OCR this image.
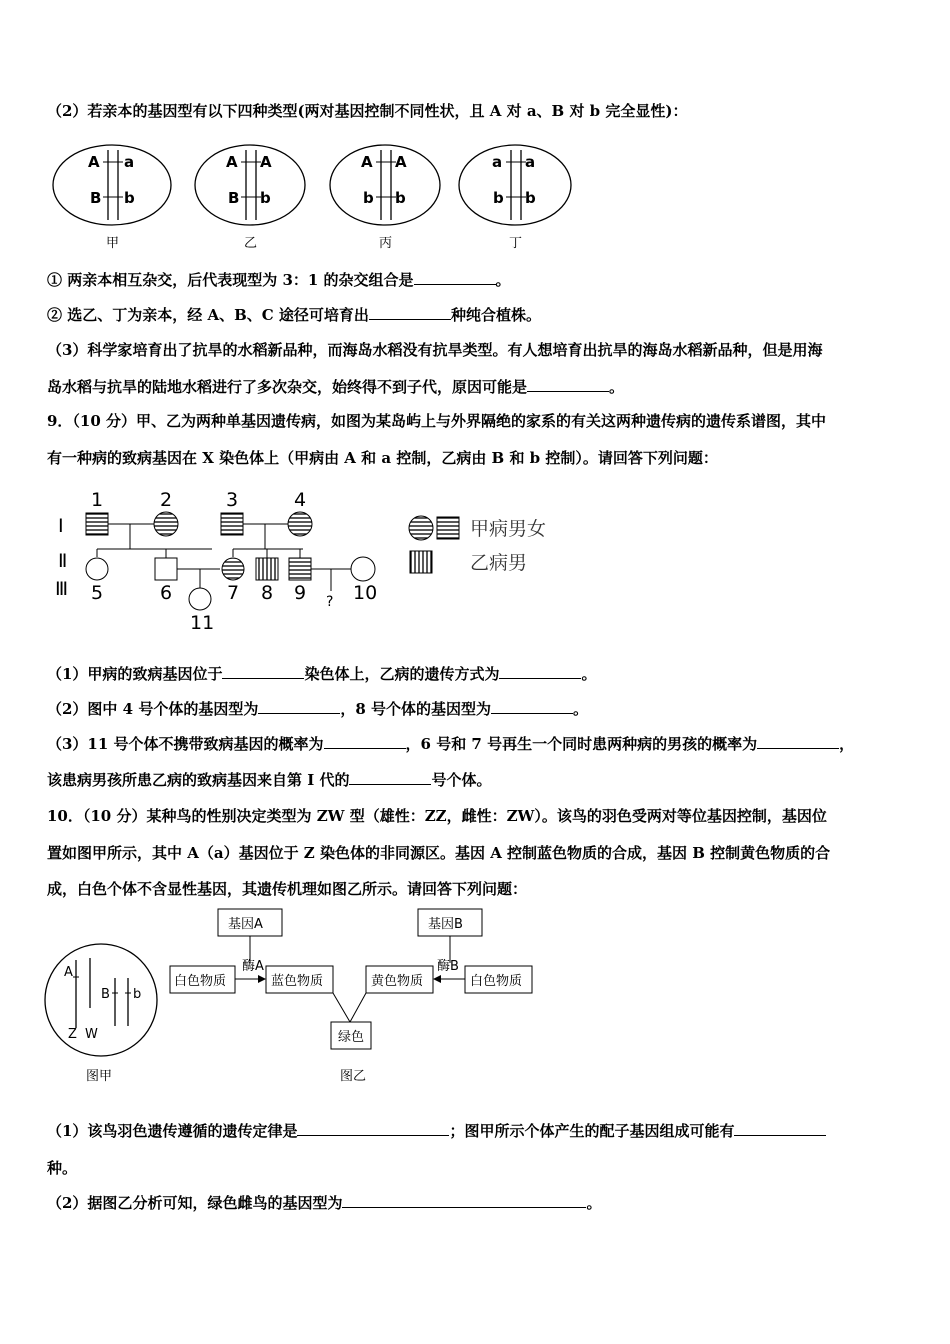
（2）若亲本的基因型有以下四种类型(两对基因控制不同性状，且 A 对 a、B 对 b 完全显性)：
A a
B b
甲
A A
B b
乙
A A
b b
丙
a a
b b
丁
① 两亲本相互杂交，后代表现型为 3：1 的杂交组合是	。
② 选乙、丁为亲本，经 A、B、C 途径可培育出	种纯合植株。
（3）科学家培育出了抗旱的水稻新品种，而海岛水稻没有抗旱类型。有人想培育出抗旱的海岛水稻新品种，但是用海
岛水稻与抗旱的陆地水稻进行了多次杂交，始终得不到子代，原因可能是	。
9．（10 分）甲、乙为两种单基因遗传病，如图为某岛屿上与外界隔绝的家系的有关这两种遗传病的遗传系谱图，其中
有一种病的致病基因在 X 染色体上（甲病由 A 和 a 控制，乙病由 B 和 b 控制）。请回答下列问题：
Ⅰ
Ⅱ
Ⅲ
1	2	3	4
?
5	6	7 8 9 10
11
甲病男女
乙病男
（1）甲病的致病基因位于	染色体上，乙病的遗传方式为	。
（2）图中 4 号个体的基因型为	，8 号个体的基因型为	。
（3）11 号个体不携带致病基因的概率为	，6 号和 7 号再生一个同时患两种病的男孩的概率为	，
该患病男孩所患乙病的致病基因来自第 Ⅰ 代的	号个体。
10．（10 分）某种鸟的性别决定类型为 ZW 型（雄性：ZZ，雌性：ZW）。该鸟的羽色受两对等位基因控制，基因位
置如图甲所示，其中 A（a）基因位于 Z 染色体的非同源区。基因 A 控制蓝色物质的合成，基因 B 控制黄色物质的合
成，白色个体不含显性基因，其遗传机理如图乙所示。请回答下列问题：
A
B b
Z W
图甲
基因A
酶A
基因B
酶B
白色物质	蓝色物质	黄色物质	白色物质
绿色
图乙
（1）该鸟羽色遗传遵循的遗传定律是	；图甲所示个体产生的配子基因组成可能有
种。
（2）据图乙分析可知，绿色雌鸟的基因型为	。
